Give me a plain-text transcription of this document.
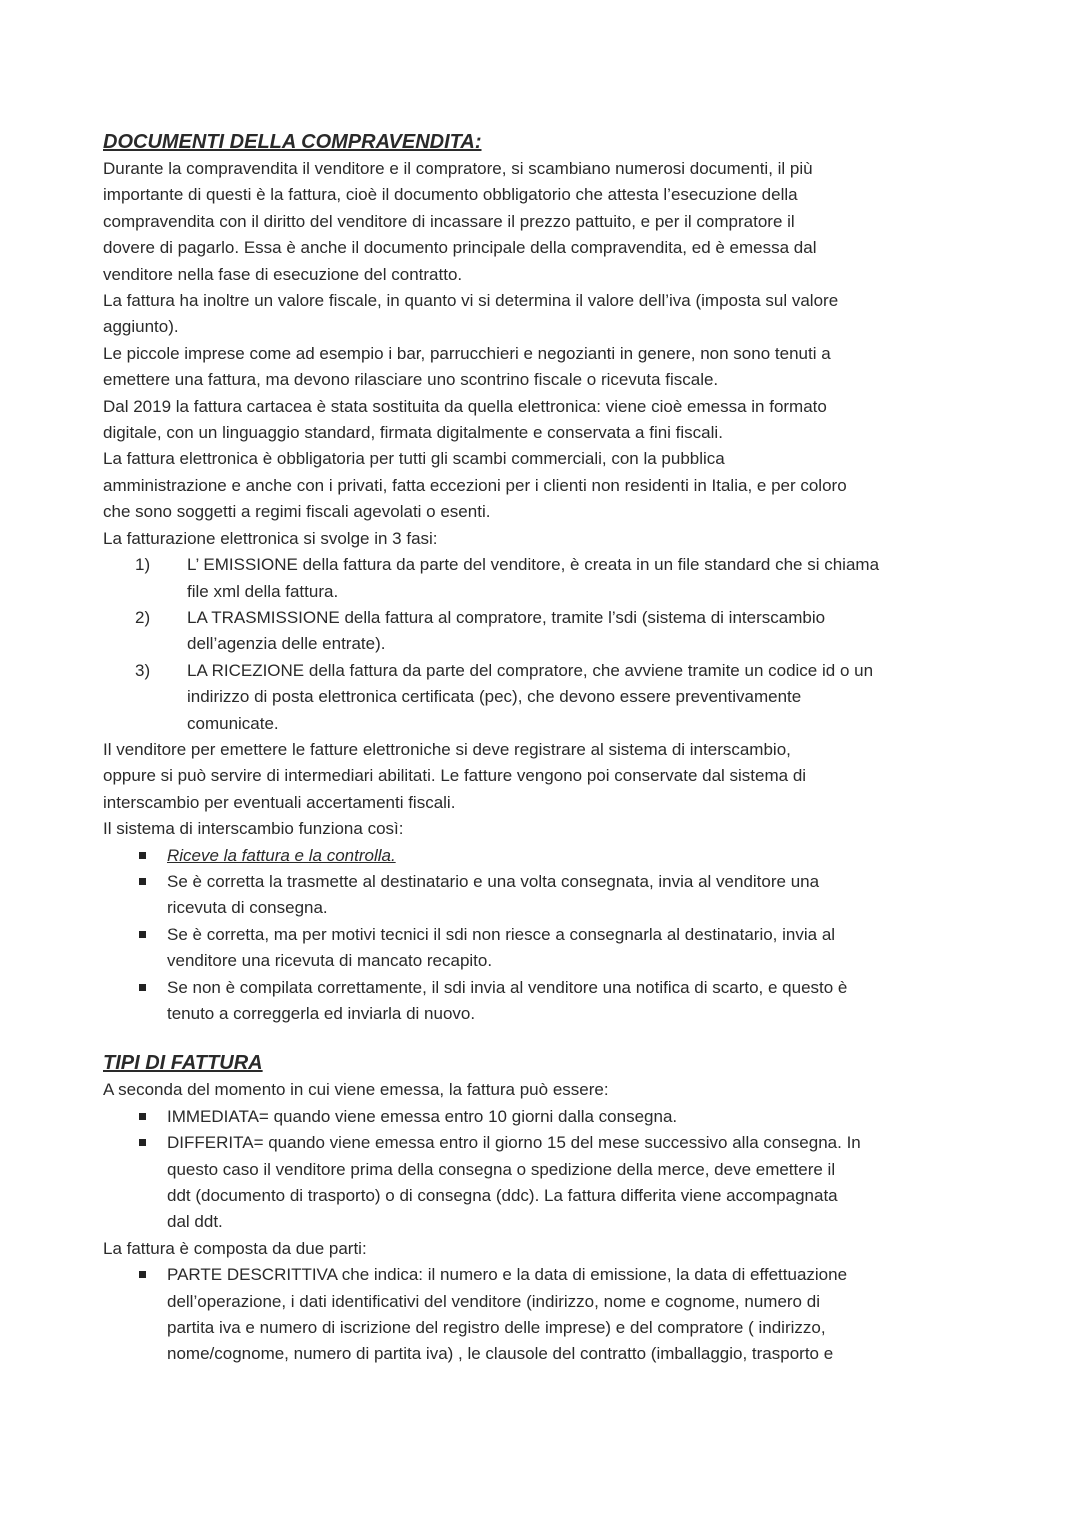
DOCUMENTI DELLA COMPRAVENDITA:
Durante la compravendita il venditore e il compratore, si scambiano numerosi documenti, il più
importante di questi è la fattura, cioè il documento obbligatorio che attesta l’esecuzione della
compravendita con il diritto del venditore di incassare il prezzo pattuito, e per il compratore il
dovere di pagarlo. Essa è anche il documento principale della compravendita, ed è emessa dal
venditore nella fase di esecuzione del contratto.
La fattura ha inoltre un valore fiscale, in quanto vi si determina il valore dell’iva (imposta sul valore
aggiunto).
Le piccole imprese come ad esempio i bar, parrucchieri e negozianti in genere, non sono tenuti a
emettere una fattura, ma devono rilasciare uno scontrino fiscale o ricevuta fiscale.
Dal 2019 la fattura cartacea è stata sostituita da quella elettronica: viene cioè emessa in formato
digitale, con un linguaggio standard, firmata digitalmente e conservata a fini fiscali.
La fattura elettronica è obbligatoria per tutti gli scambi commerciali, con la pubblica
amministrazione e anche con i privati, fatta eccezioni per i clienti non residenti in Italia, e per coloro
che sono soggetti a regimi fiscali agevolati o esenti.
La fatturazione elettronica si svolge in 3 fasi:
1)	L’ EMISSIONE della fattura da parte del venditore, è creata in un file standard che si chiama
file xml della fattura.
2)	LA TRASMISSIONE della fattura al compratore, tramite l’sdi (sistema di interscambio
dell’agenzia delle entrate).
3)	LA RICEZIONE della fattura da parte del compratore, che avviene tramite un codice id o un
indirizzo di posta elettronica certificata (pec), che devono essere preventivamente
comunicate.
Il venditore per emettere le fatture elettroniche si deve registrare al sistema di interscambio,
oppure si può servire di intermediari abilitati. Le fatture vengono poi conservate dal sistema di
interscambio per eventuali accertamenti fiscali.
Il sistema di interscambio funziona così:
Riceve la fattura e la controlla.
Se è corretta la trasmette al destinatario e una volta consegnata, invia al venditore una
ricevuta di consegna.
Se è corretta, ma per motivi tecnici il sdi non riesce a consegnarla al destinatario, invia al
venditore una ricevuta di mancato recapito.
Se non è compilata correttamente, il sdi invia al venditore una notifica di scarto, e questo è
tenuto a correggerla ed inviarla di nuovo.
TIPI DI FATTURA
A seconda del momento in cui viene emessa, la fattura può essere:
IMMEDIATA= quando viene emessa entro 10 giorni dalla consegna.
DIFFERITA= quando viene emessa entro il giorno 15 del mese successivo alla consegna. In
questo caso il venditore prima della consegna o spedizione della merce, deve emettere il
ddt (documento di trasporto) o di consegna (ddc). La fattura differita viene accompagnata
dal ddt.
La fattura è composta da due parti:
PARTE DESCRITTIVA che indica: il numero e la data di emissione, la data di effettuazione
dell’operazione, i dati identificativi del venditore (indirizzo, nome e cognome, numero di
partita iva e numero di iscrizione del registro delle imprese) e del compratore ( indirizzo,
nome/cognome, numero di partita iva) , le clausole del contratto (imballaggio, trasporto e
